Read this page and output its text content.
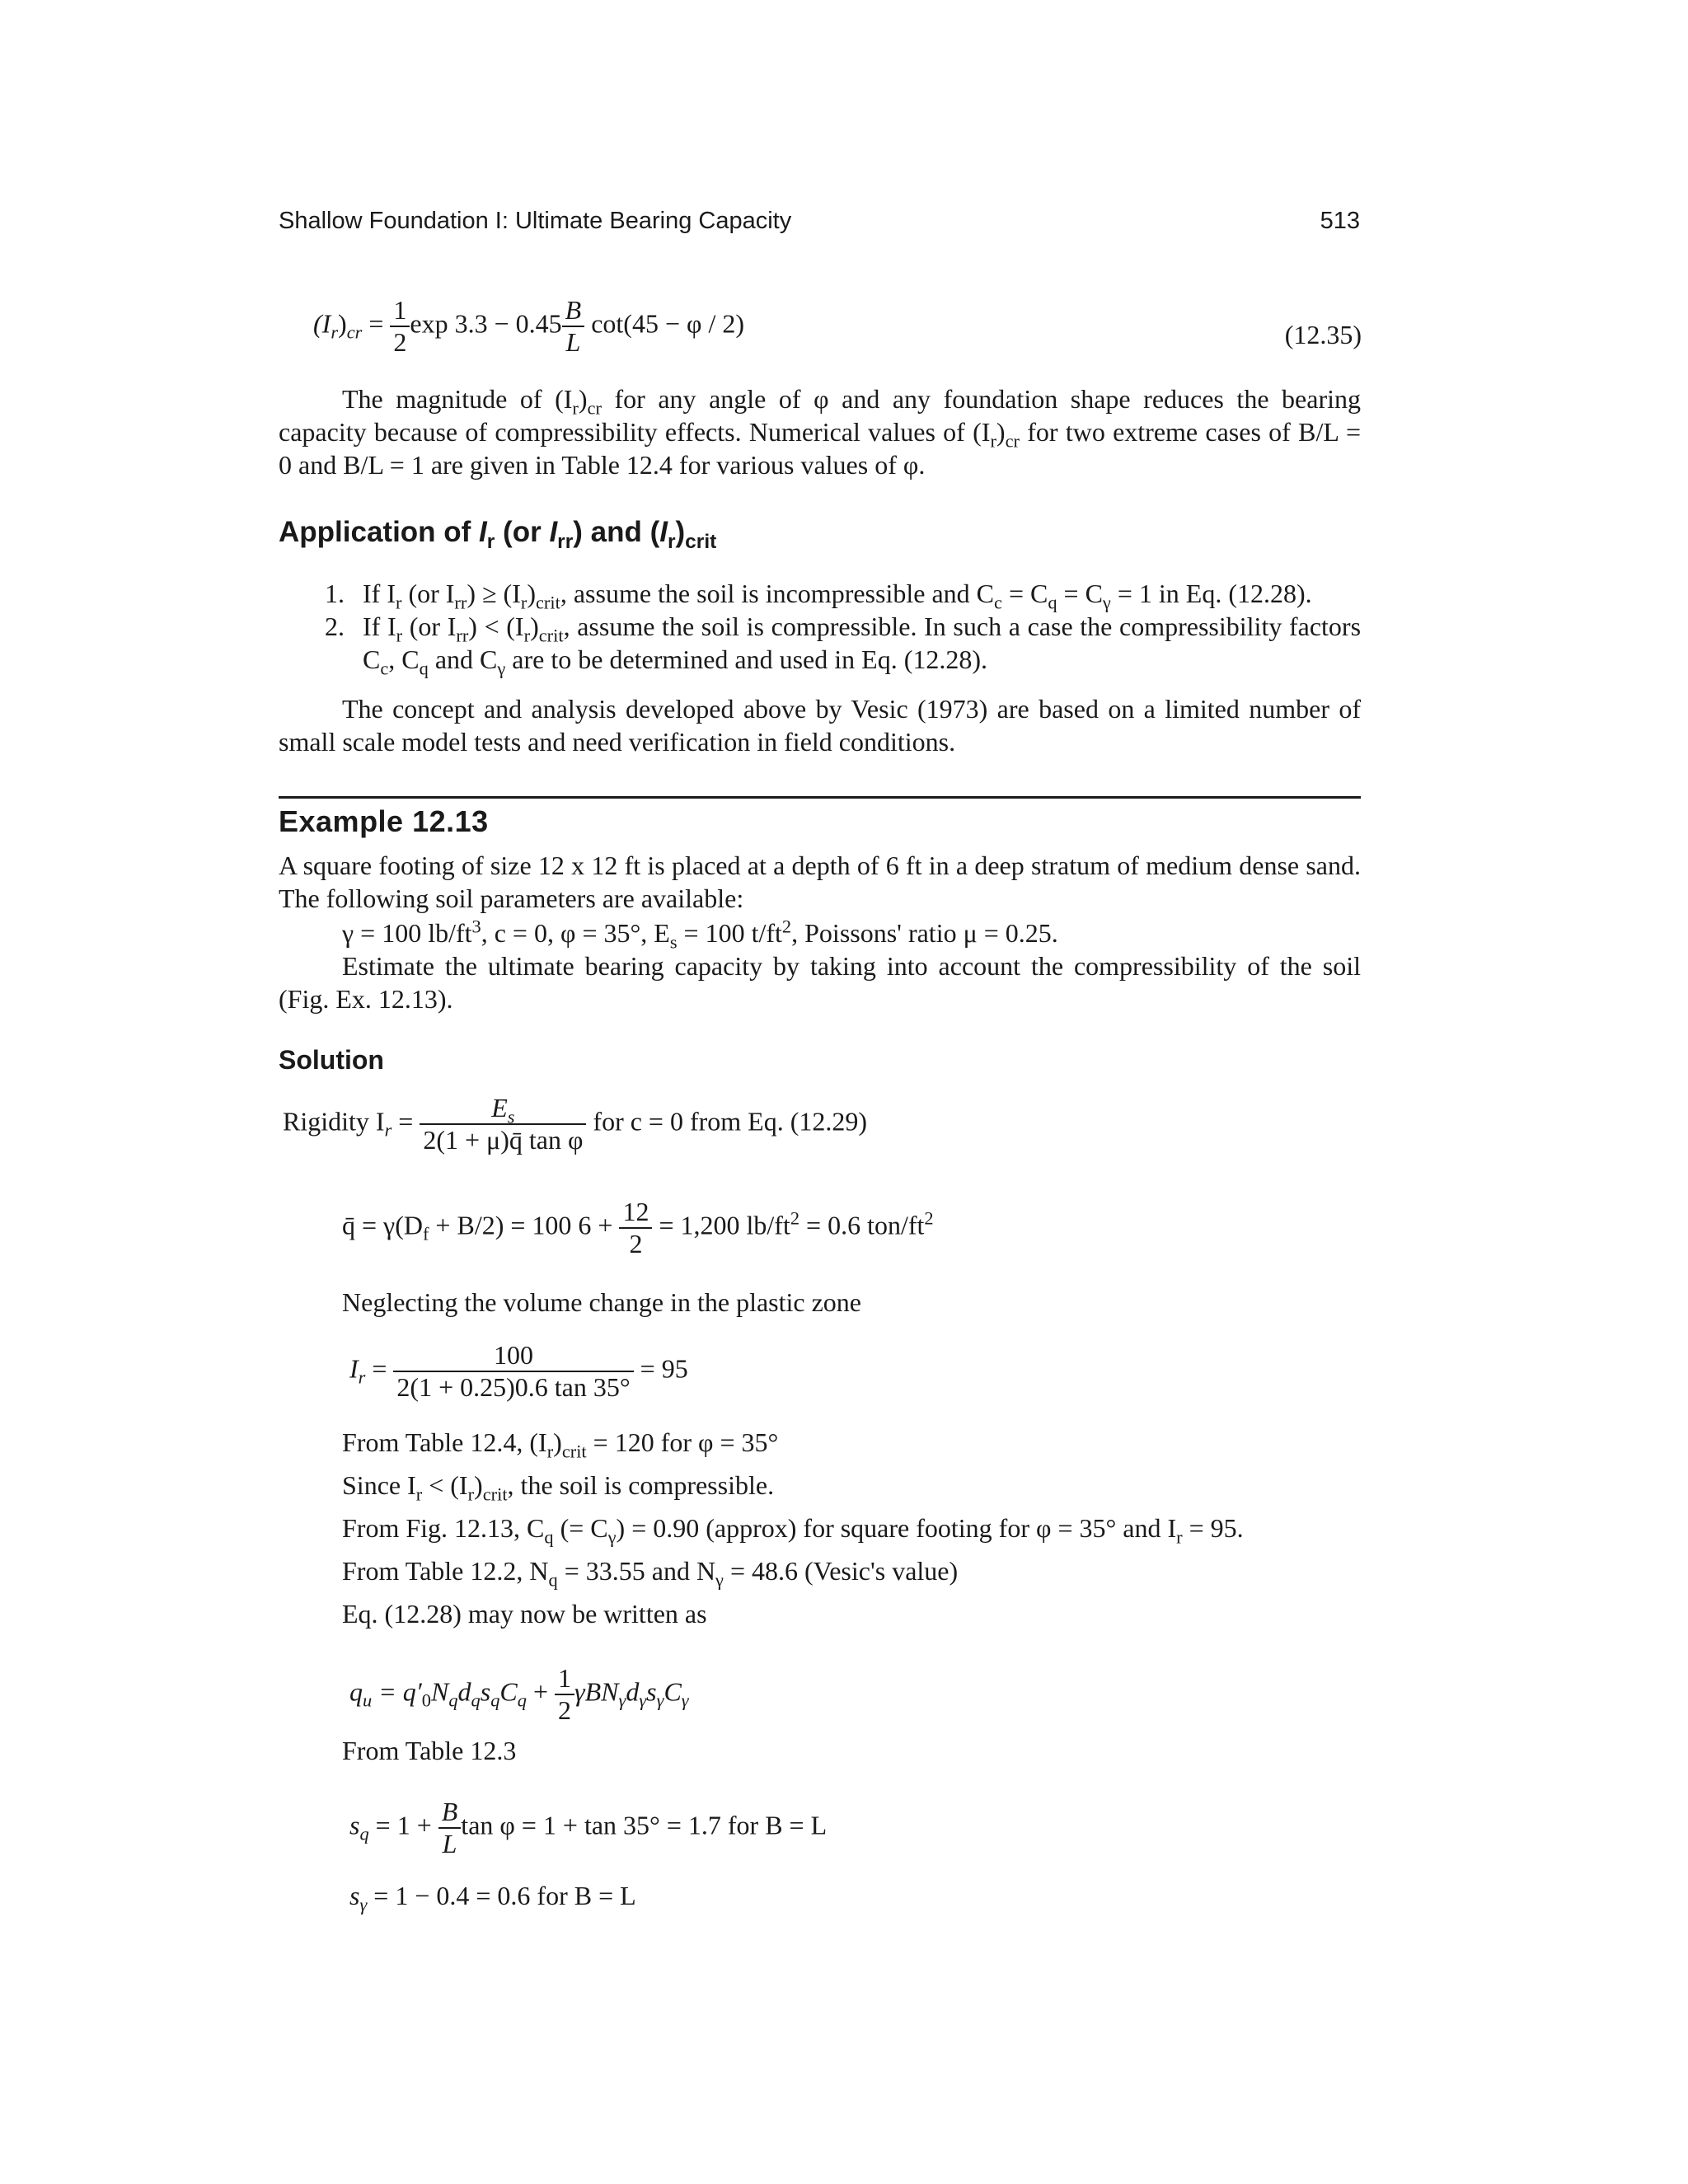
Shallow Foundation I: Ultimate Bearing Capacity	513
$(I_r)_{cr} = \frac{1}{2}$ $\exp 3.3 - 0.45 \frac{B}{L} \cot(45 - \varphi / 2)$	(12.35)
The magnitude of $(I_r)_{cr}$ for any angle of φ and any foundation shape reduces the bearing capacity because of compressibility effects. Numerical values of $(I_r)_{cr}$ for two extreme cases of B/L = 0 and B/L = 1 are given in Table 12.4 for various values of φ.
Application of $I_r$ (or $I_{rr}$) and $(I_r)_{crit}$
1. If $I_r$ (or $I_{rr}) \ge (I_r)_{crit}$, assume the soil is incompressible and $C_c = C_q = C_\gamma = 1$ in Eq. (12.28).
2. If $I_r$ (or $I_{rr}) < (I_r)_{crit}$, assume the soil is compressible. In such a case the compressibility factors $C_c$, $C_q$ and $C_\gamma$ are to be determined and used in Eq. (12.28).
The concept and analysis developed above by Vesic (1973) are based on a limited number of small scale model tests and need verification in field conditions.
Example 12.13
A square footing of size 12 x 12 ft is placed at a depth of 6 ft in a deep stratum of medium dense sand. The following soil parameters are available:
γ = 100 $lb/ft^3$, c = 0, φ = 35°, $E_s = 100$ $t/ft^2$, Poissons' ratio μ = 0.25.
Estimate the ultimate bearing capacity by taking into account the compressibility of the soil (Fig. Ex. 12.13).
Solution
Rigidity $I_r = \frac{E_s}{\text{2(1 + μ)q̄ tan φ}}$ for c = 0 from Eq. (12.29)
q̄ = $\gamma(D_f + B/2) = 100$ $6 + \frac{12}{2} = 1,200$ $lb/ft^2 = 0.6$ ton/$ft^2$
Neglecting the volume change in the plastic zone
$I_r = \frac{100}{2(1 + 0.25)0.6 \tan 35^\circ} = 95$
From Table 12.4, $(I_r)_{crit} = 120$ for φ = 35°
Since $I_r < (I_r)_{crit}$, the soil is compressible.
From Fig. 12.13, $C_q$ (= $C_\gamma) = 0.90$ (approx) for square footing for φ = 35° and $I_r = 95$.
From Table 12.2, $N_q = 33.55$ and $N_\gamma = 48.6$ (Vesic's value)
Eq. (12.28) may now be written as
$q_u = q'_0N_qd_qs_qC_q + \frac{1}{2} \gamma BN_\gamma d_\gamma s_\gamma C_\gamma$
From Table 12.3
$s_q = 1 + \frac{B}{L}$ tan φ = 1 + tan 35° = 1.7 for B = L
$s_\gamma = 1 - 0.4 = 0.6$ for B = L
